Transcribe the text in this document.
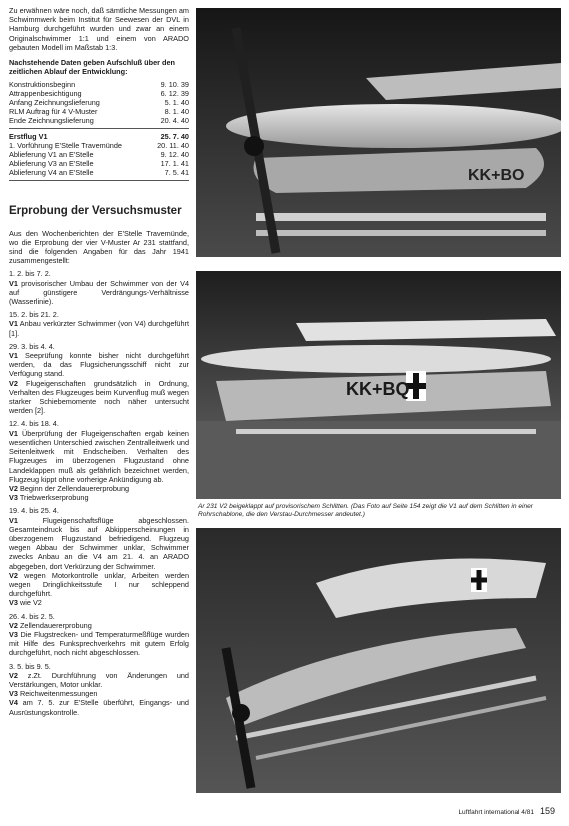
Zu erwähnen wäre noch, daß sämtliche Messungen am Schwimmwerk beim Institut für Seewesen der DVL in Hamburg durchgeführt wurden und zwar an einem Originalschwimmer 1:1 und einem von ARADO gebauten Modell im Maßstab 1:3.

Nachstehende Daten geben Aufschluß über den zeitlichen Ablauf der Entwicklung:

Konstruktionsbeginn	9. 10. 39
Attrappenbesichtigung	6. 12. 39
Anfang Zeichnungslieferung	5. 1. 40
RLM Auftrag für 4 V-Muster	8. 1. 40
Ende Zeichnungslieferung	20. 4. 40
Erstflug V1	25. 7. 40
1. Vorführung E'Stelle Travemünde	20. 11. 40
Ablieferung V1 an E'Stelle	9. 12. 40
Ablieferung V3 an E'Stelle	17. 1. 41
Ablieferung V4 an E'Stelle	7. 5. 41
Erprobung der Versuchsmuster

Aus den Wochenberichten der E'Stelle Travemünde, wo die Erprobung der vier V-Muster Ar 231 stattfand, sind die folgenden Angaben für das Jahr 1941 zusammengestellt:

1. 2. bis 7. 2.
V1 provisorischer Umbau der Schwimmer von der V4 auf günstigere Verdrängungs-Verhältnisse (Wasserlinie).

15. 2. bis 21. 2.
V1 Anbau verkürzter Schwimmer (von V4) durchgeführt [1].

29. 3. bis 4. 4.
V1 Seeprüfung konnte bisher nicht durchgeführt werden, da das Flugsicherungsschiff nicht zur Verfügung stand.
V2 Flugeigenschaften grundsätzlich in Ordnung, Verhalten des Flugzeuges beim Kurvenflug muß wegen starker Schiebemomente noch näher untersucht werden [2].

12. 4. bis 18. 4.
V1 Überprüfung der Flugeigenschaften ergab keinen wesentlichen Unterschied zwischen Zentralleitwerk und Seitenleitwerk mit Endscheiben. Verhalten des Flugzeuges im überzogenen Flugzustand ohne Landeklappen muß als gefährlich bezeichnet werden, Flugzeug kippt ohne vorherige Ankündigung ab.
V2 Beginn der Zellendauererprobung
V3 Triebwerkserprobung

19. 4. bis 25. 4.
V1	Flugeigenschaftsflüge abgeschlossen. Gesamteindruck bis auf Abkipperscheinungen in überzogenem Flugzustand befriedigend. Flugzeug wegen Abbau der Schwimmer unklar, Schwimmer zwecks Anbau an die V4 am 21. 4. an ARADO abgegeben, dort Verkürzung der Schwimmer.
V2 wegen Motorkontrolle unklar, Arbeiten werden wegen Dringlichkeitsstufe I nur schleppend durchgeführt.
V3 wie V2

26. 4. bis 2. 5.
V2 Zellendauererprobung
V3 Die Flugstrecken- und Temperaturmeßflüge wurden mit Hilfe des Funksprechverkehrs mit gutem Erfolg durchgeführt, noch nicht abgeschlossen.

3. 5. bis 9. 5.
V2 z.Zt. Durchführung von Änderungen und Verstärkungen, Motor unklar.
V3 Reichweitenmessungen
V4 am 7. 5. zur E'Stelle überführt, Eingangs- und Ausrüstungskontrolle.

KK+BO
KK+BQ
Ar 231 V2 beigeklappt auf provisorischem Schlitten. (Das Foto auf Seite 154 zeigt die V1 auf dem Schlitten in einer Rohrschablone, die den Verstau-Durchmesser andeutet.)
Luftfahrt international 4/81 159
